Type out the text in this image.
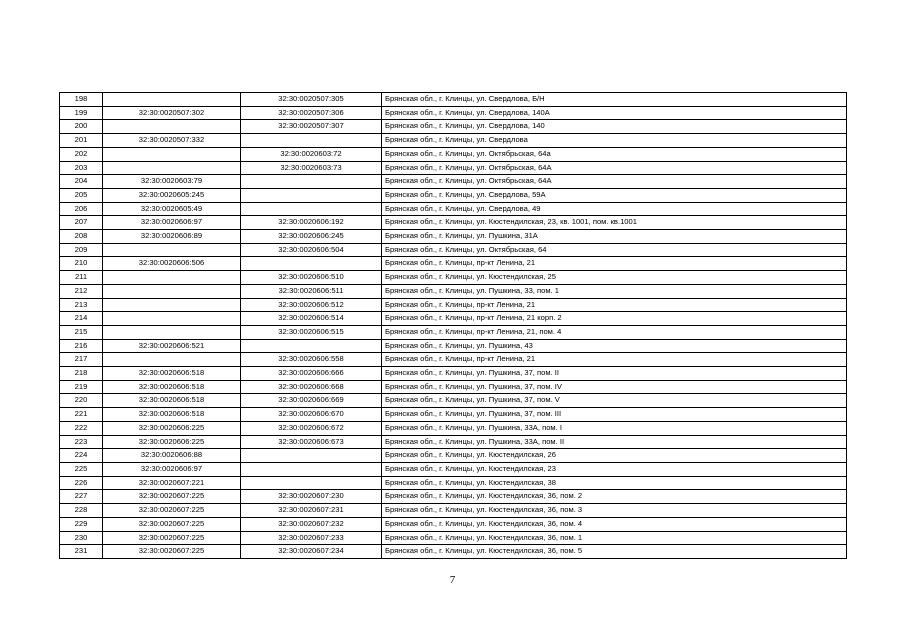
198		32:30:0020507:305	Брянская обл., г. Клинцы, ул. Свердлова, Б/Н
199	32:30:0020507:302	32:30:0020507:306	Брянская обл., г. Клинцы, ул. Свердлова, 140А
200		32:30:0020507:307	Брянская обл., г. Клинцы, ул. Свердлова, 140
201	32:30:0020507:332		Брянская обл., г. Клинцы, ул. Свердлова
202		32:30:0020603:72	Брянская обл., г. Клинцы, ул. Октябрьская, 64а
203		32:30:0020603:73	Брянская обл., г. Клинцы, ул. Октябрьская, 64А
204	32:30:0020603:79		Брянская обл., г. Клинцы, ул. Октябрьская, 64А
205	32:30:0020605:245		Брянская обл., г. Клинцы, ул. Свердлова, 59А
206	32:30:0020605:49		Брянская обл., г. Клинцы, ул. Свердлова, 49
207	32:30:0020606:97	32:30:0020606:192	Брянская обл., г. Клинцы, ул. Кюстендилская, 23, кв. 1001, пом. кв.1001
208	32:30:0020606:89	32:30:0020606:245	Брянская обл., г. Клинцы, ул. Пушкина, 31А
209		32:30:0020606:504	Брянская обл., г. Клинцы, ул. Октябрьская, 64
210	32:30:0020606:506		Брянская обл., г. Клинцы, пр-кт Ленина, 21
211		32:30:0020606:510	Брянская обл., г. Клинцы, ул. Кюстендилская, 25
212		32:30:0020606:511	Брянская обл., г. Клинцы, ул. Пушкина, 33, пом. 1
213		32:30:0020606:512	Брянская обл., г. Клинцы, пр-кт Ленина, 21
214		32:30:0020606:514	Брянская обл., г. Клинцы, пр-кт Ленина, 21 корп. 2
215		32:30:0020606:515	Брянская обл., г. Клинцы, пр-кт Ленина, 21, пом. 4
216	32:30:0020606:521		Брянская обл., г. Клинцы, ул. Пушкина, 43
217		32:30:0020606:558	Брянская обл., г. Клинцы, пр-кт Ленина, 21
218	32:30:0020606:518	32:30:0020606:666	Брянская обл., г. Клинцы, ул. Пушкина, 37, пом. II
219	32:30:0020606:518	32:30:0020606:668	Брянская обл., г. Клинцы, ул. Пушкина, 37, пом. IV
220	32:30:0020606:518	32:30:0020606:669	Брянская обл., г. Клинцы, ул. Пушкина, 37, пом. V
221	32:30:0020606:518	32:30:0020606:670	Брянская обл., г. Клинцы, ул. Пушкина, 37, пом. III
222	32:30:0020606:225	32:30:0020606:672	Брянская обл., г. Клинцы, ул. Пушкина, 33А, пом. I
223	32:30:0020606:225	32:30:0020606:673	Брянская обл., г. Клинцы, ул. Пушкина, 33А, пом. II
224	32:30:0020606:88		Брянская обл., г. Клинцы, ул. Кюстендилская, 26
225	32:30:0020606:97		Брянская обл., г. Клинцы, ул. Кюстендилская, 23
226	32:30:0020607:221		Брянская обл., г. Клинцы, ул. Кюстендилская, 38
227	32:30:0020607:225	32:30:0020607:230	Брянская обл., г. Клинцы, ул. Кюстендилская, 36, пом. 2
228	32:30:0020607:225	32:30:0020607:231	Брянская обл., г. Клинцы, ул. Кюстендилская, 36, пом. 3
229	32:30:0020607:225	32:30:0020607:232	Брянская обл., г. Клинцы, ул. Кюстендилская, 36, пом. 4
230	32:30:0020607:225	32:30:0020607:233	Брянская обл., г. Клинцы, ул. Кюстендилская, 36, пом. 1
231	32:30:0020607:225	32:30:0020607:234	Брянская обл., г. Клинцы, ул. Кюстендилская, 36, пом. 5
7
